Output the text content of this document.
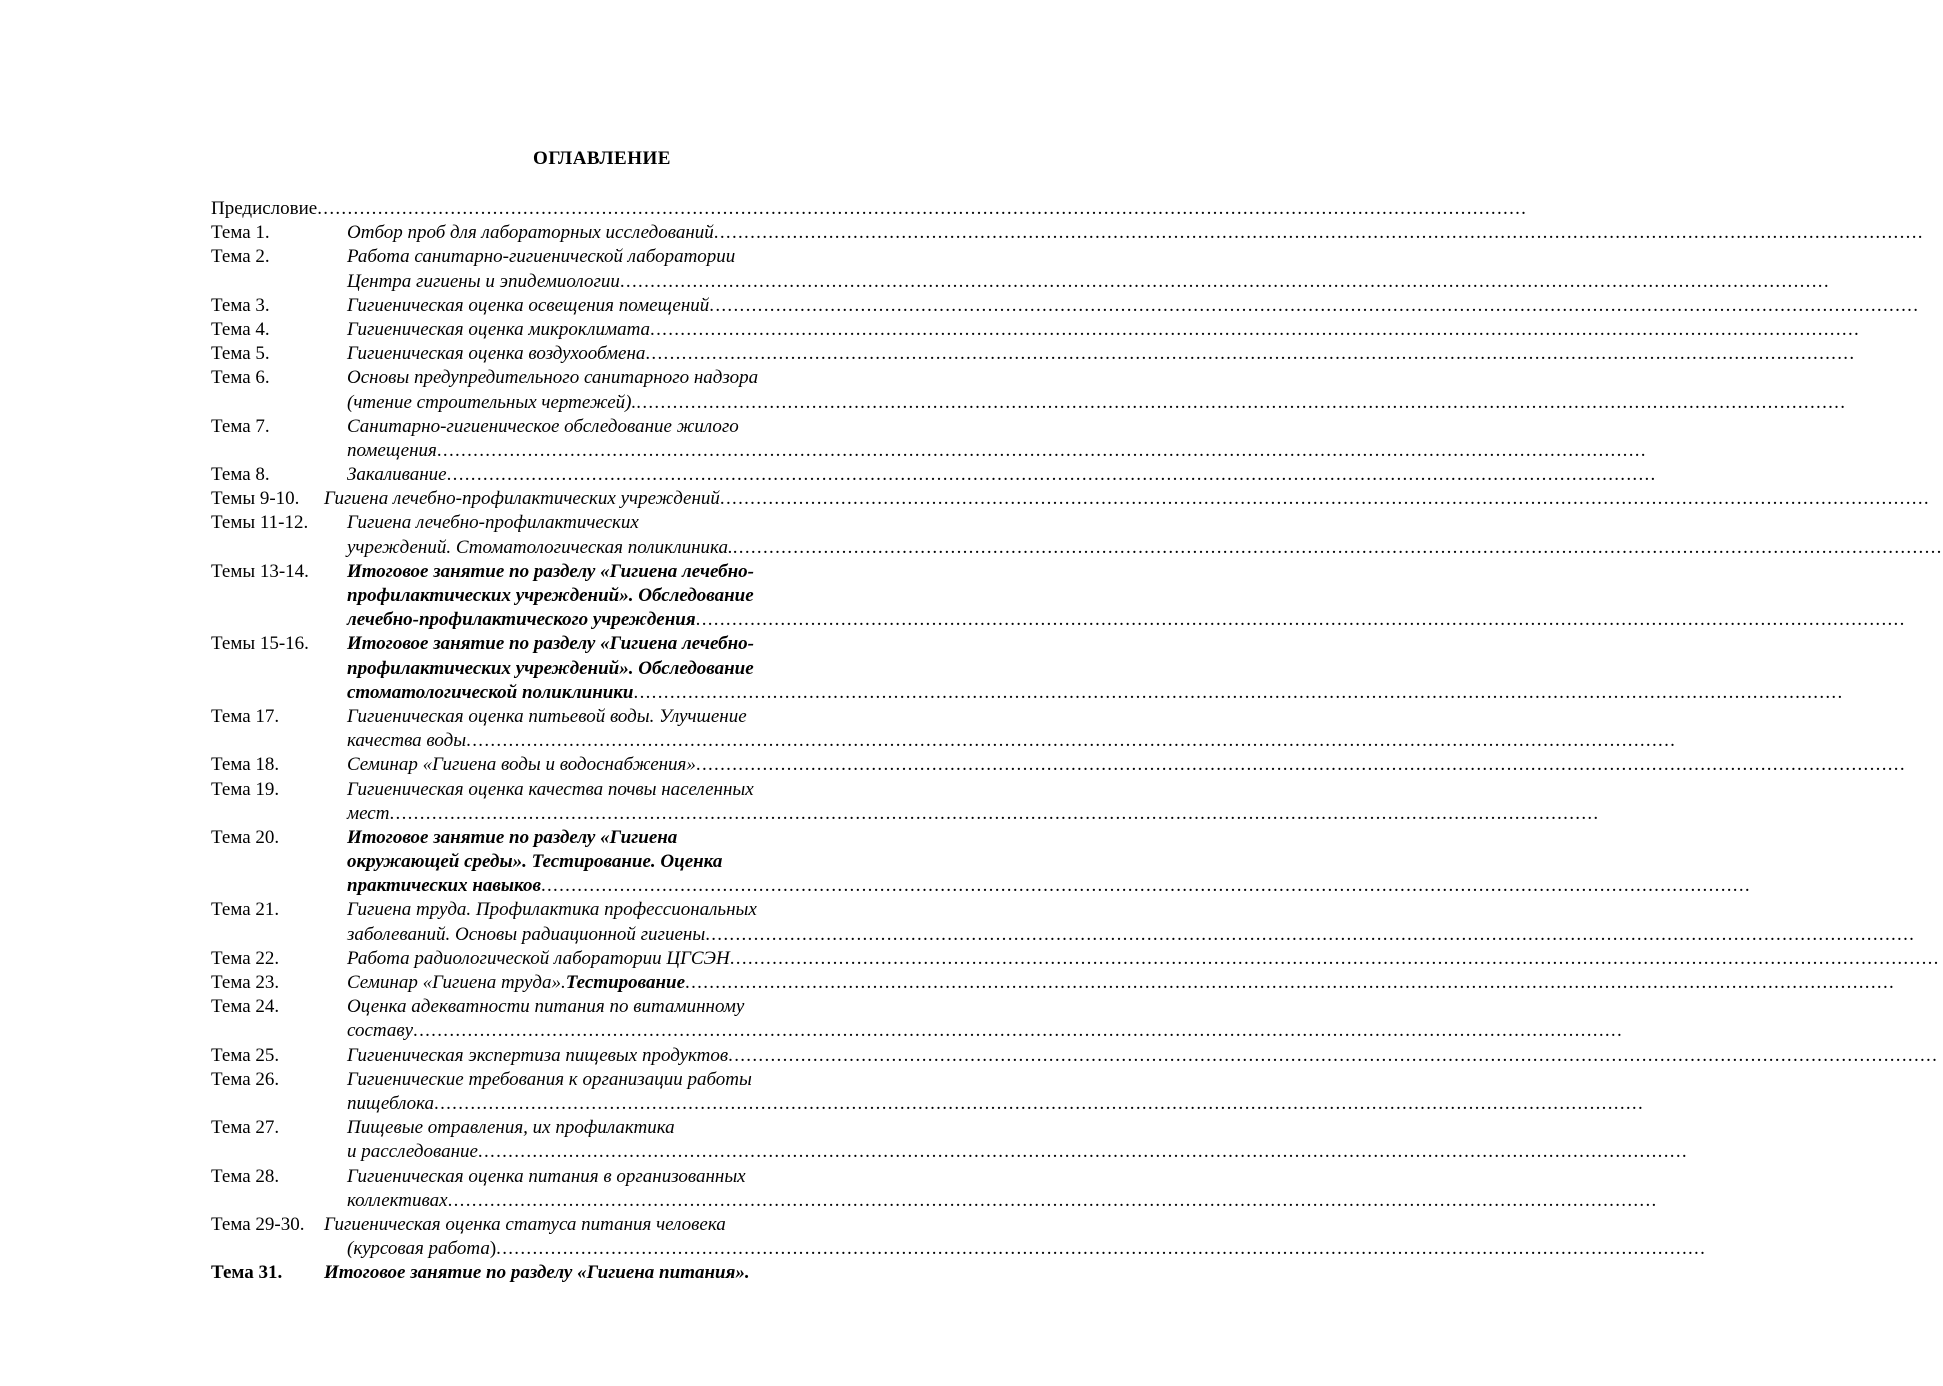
ОГЛАВЛЕНИЕ
Предисловие ........................................................................................................................................................................................................
Тема 1.	Отбор проб для лабораторных исследований ........................................................................................................................................................................................................
Тема 2.	Работа санитарно-гигиенической лаборатории
Центра гигиены и эпидемиологии ........................................................................................................................................................................................................
Тема 3.	Гигиеническая оценка освещения помещений ........................................................................................................................................................................................................
Тема 4.	Гигиеническая оценка микроклимата ........................................................................................................................................................................................................
Тема 5.	Гигиеническая оценка воздухообмена ........................................................................................................................................................................................................
Тема 6.	Основы предупредительного санитарного надзора
(чтение строительных чертежей). ........................................................................................................................................................................................................
Тема 7.	Санитарно-гигиеническое обследование жилого
помещения ........................................................................................................................................................................................................
Тема 8.	Закаливание ........................................................................................................................................................................................................
Темы 9-10.	Гигиена лечебно-профилактических учреждений ........................................................................................................................................................................................................
Темы 11-12.	Гигиена лечебно-профилактических
учреждений. Стоматологическая поликлиника. ........................................................................................................................................................................................................
Темы 13-14.	Итоговое занятие по разделу «Гигиена лечебно-
профилактических учреждений». Обследование
лечебно-профилактического учреждения ........................................................................................................................................................................................................
Темы 15-16.	Итоговое занятие по разделу «Гигиена лечебно-
профилактических учреждений». Обследование
стоматологической поликлиники ........................................................................................................................................................................................................
Тема 17.	Гигиеническая оценка питьевой воды. Улучшение
качества воды ........................................................................................................................................................................................................
Тема 18.	Семинар «Гигиена воды и водоснабжения» ........................................................................................................................................................................................................
Тема 19.	Гигиеническая оценка качества почвы населенных
мест ........................................................................................................................................................................................................
Тема 20.	Итоговое занятие по разделу «Гигиена
окружающей среды». Тестирование. Оценка
практических навыков ........................................................................................................................................................................................................
Тема 21.	Гигиена труда. Профилактика профессиональных
заболеваний. Основы радиационной гигиены ........................................................................................................................................................................................................
Тема 22.	Работа радиологической лаборатории ЦГСЭН ........................................................................................................................................................................................................
Тема 23.	Семинар «Гигиена труда». Тестирование ........................................................................................................................................................................................................
Тема 24.	Оценка адекватности питания по витаминному
составу ........................................................................................................................................................................................................
Тема 25.	Гигиеническая экспертиза пищевых продуктов ........................................................................................................................................................................................................
Тема 26.	Гигиенические требования к организации работы
пищеблока ........................................................................................................................................................................................................
Тема 27.	Пищевые отравления, их профилактика
и расследование ........................................................................................................................................................................................................
Тема 28.	Гигиеническая оценка питания в организованных
коллективах ........................................................................................................................................................................................................
Тема 29-30.	Гигиеническая оценка статуса питания человека
(курсовая работа ) ........................................................................................................................................................................................................
Тема 31.	Итоговое занятие по разделу «Гигиена питания».
